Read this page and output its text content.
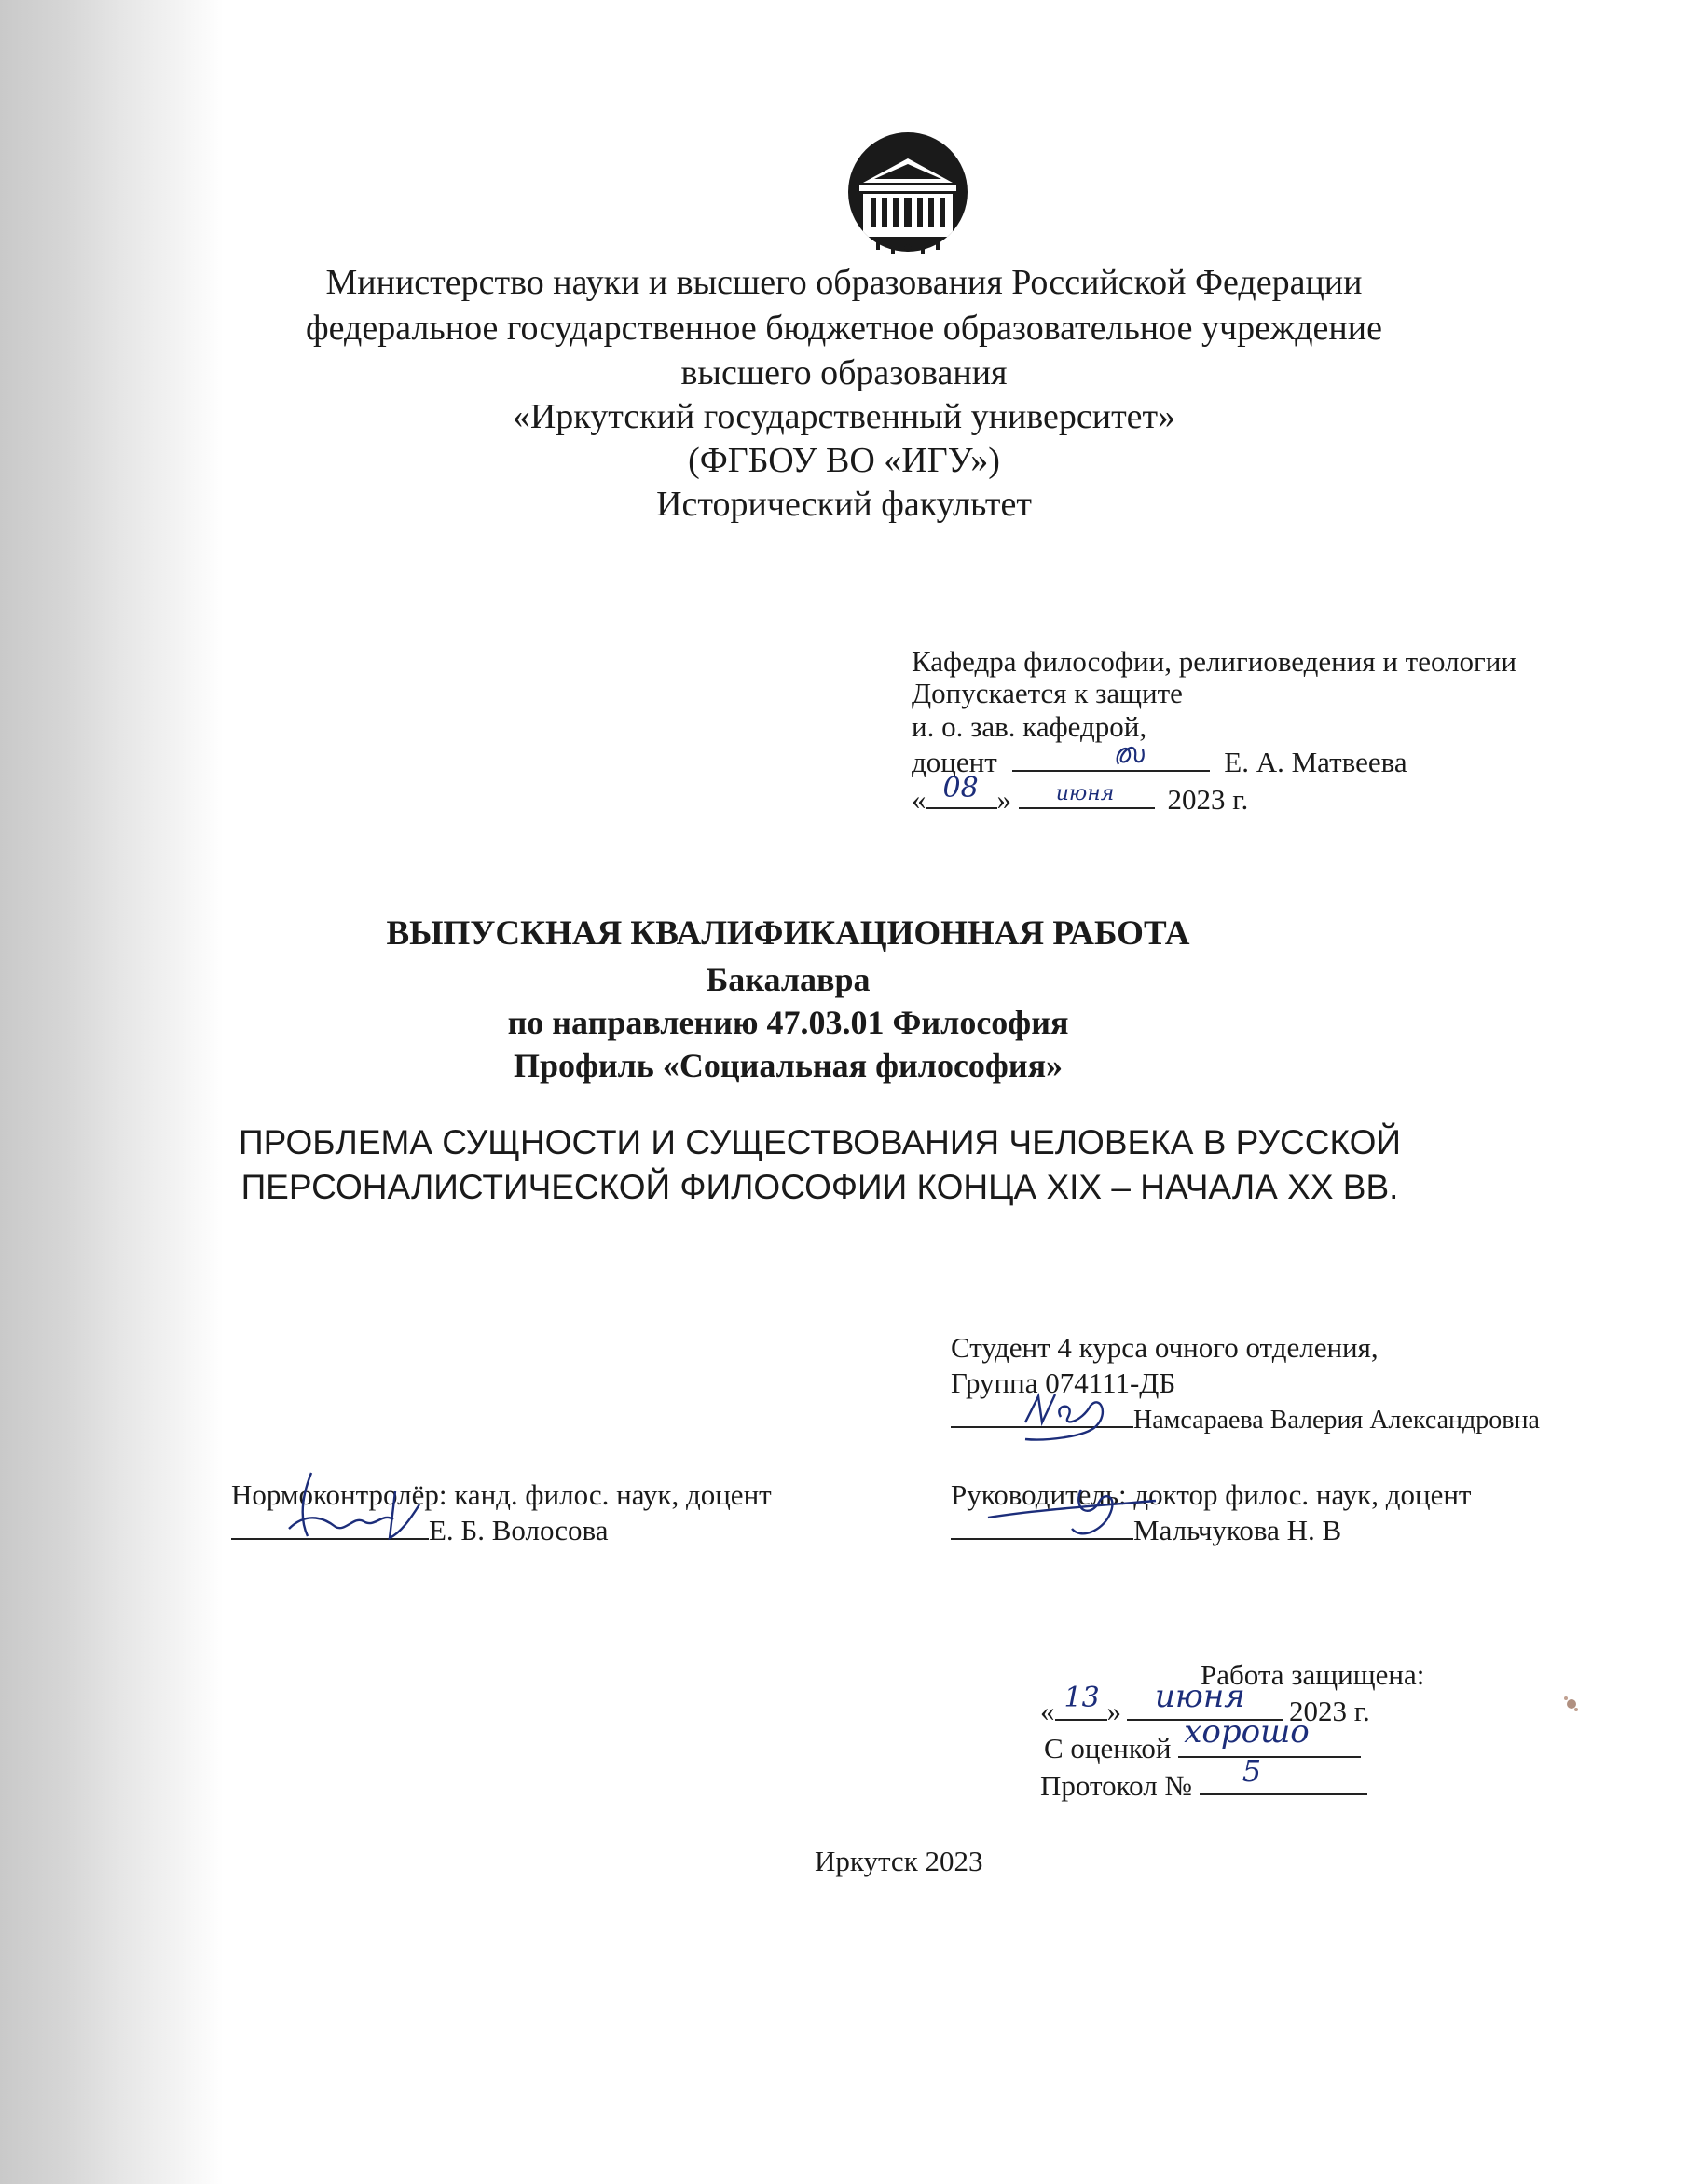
Министерство науки и высшего образования Российской Федерации
федеральное государственное бюджетное образовательное учреждение
высшего образования
«Иркутский государственный университет»
(ФГБОУ ВО «ИГУ»)
Исторический факультет
Кафедра философии, религиоведения и теологии
Допускается к защите
и. о. зав. кафедрой,
доцент	Е. А. Матвеева
« 08 » июня 2023 г.
ВЫПУСКНАЯ КВАЛИФИКАЦИОННАЯ РАБОТА
Бакалавра
по направлению 47.03.01 Философия
Профиль «Социальная философия»
ПРОБЛЕМА СУЩНОСТИ И СУЩЕСТВОВАНИЯ ЧЕЛОВЕКА В РУССКОЙ
ПЕРСОНАЛИСТИЧЕСКОЙ ФИЛОСОФИИ КОНЦА XIX – НАЧАЛА XX ВВ.
Студент 4 курса очного отделения,
Группа 074111-ДБ
Намсараева Валерия Александровна
Нормоконтролёр: канд. филос. наук, доцент
Е. Б. Волосова
Руководитель: доктор филос. наук, доцент
Мальчукова Н. В
Работа защищена:
« 13 » июня 2023 г.
С оценкой хорошо
Протокол № 5
Иркутск 2023
